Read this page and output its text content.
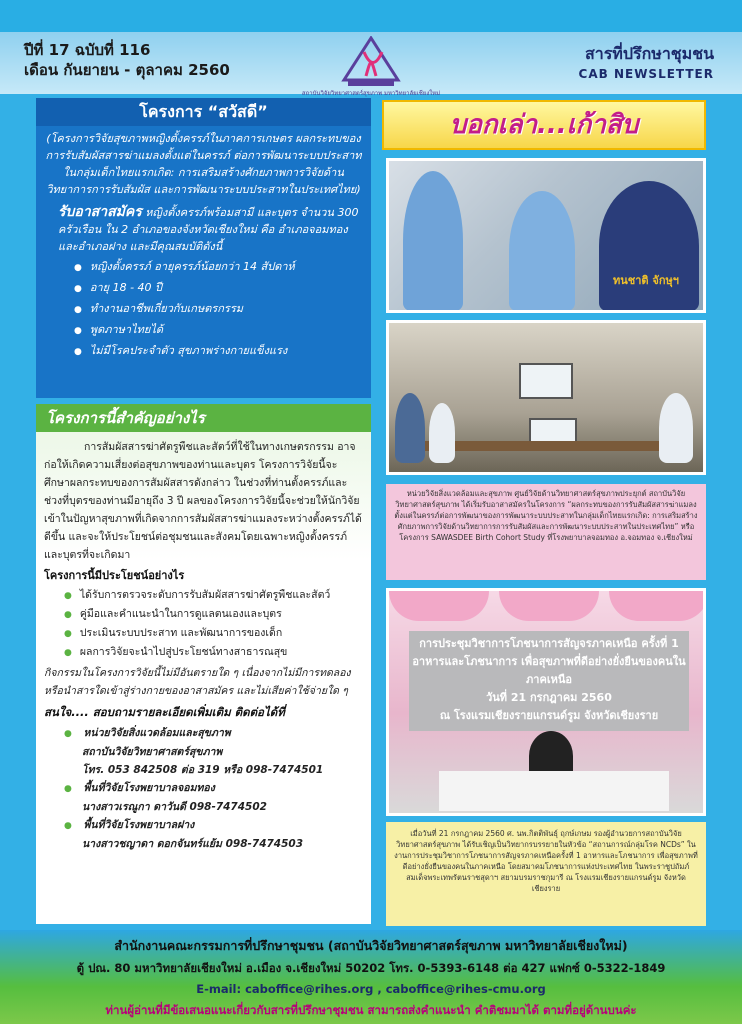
ปีที่ 17 ฉบับที่ 116
เดือน กันยายน - ตุลาคม 2560
สถาบันวิจัยวิทยาศาสตร์สุขภาพ มหาวิทยาลัยเชียงใหม่
สารที่ปรึกษาชุมชน
CAB NEWSLETTER
โครงการ “สวัสดี”
(โครงการวิจัยสุขภาพหญิงตั้งครรภ์ในภาคการเกษตร ผลกระทบของการรับสัมผัสสารฆ่าแมลงตั้งแต่ในครรภ์ ต่อการพัฒนาระบบประสาทในกลุ่มเด็กไทยแรกเกิด: การเสริมสร้างศักยภาพการวิจัยด้านวิทยาการการรับสัมผัส และการพัฒนาระบบประสาทในประเทศไทย)
รับอาสาสมัคร หญิงตั้งครรภ์พร้อมสามี และบุตร จำนวน 300 ครัวเรือน ใน 2 อำเภอของจังหวัดเชียงใหม่ คือ อำเภอจอมทอง และอำเภอฝาง และมีคุณสมบัติดังนี้
● หญิงตั้งครรภ์ อายุครรภ์น้อยกว่า 14 สัปดาห์
● อายุ 18 - 40 ปี
● ทำงานอาชีพเกี่ยวกับเกษตรกรรม
● พูดภาษาไทยได้
● ไม่มีโรคประจำตัว สุขภาพร่างกายแข็งแรง
โครงการนี้สำคัญอย่างไร
การสัมผัสสารฆ่าศัตรูพืชและสัตว์ที่ใช้ในทางเกษตรกรรม อาจก่อให้เกิดความเสี่ยงต่อสุขภาพของท่านและบุตร โครงการวิจัยนี้จะศึกษาผลกระทบของการสัมผัสสารดังกล่าว ในช่วงที่ท่านตั้งครรภ์และช่วงที่บุตรของท่านมีอายุถึง 3 ปี ผลของโครงการวิจัยนี้จะช่วยให้นักวิจัยเข้าในปัญหาสุขภาพที่เกิดจากการสัมผัสสารฆ่าแมลงระหว่างตั้งครรภ์ได้ดีขึ้น และจะให้ประโยชน์ต่อชุมชนและสังคมโดยเฉพาะหญิงตั้งครรภ์และบุตรที่จะเกิดมา
โครงการนี้มีประโยชน์อย่างไร
● ได้รับการตรวจระดับการรับสัมผัสสารฆ่าศัตรูพืชและสัตว์
● คู่มือและคำแนะนำในการดูแลตนเองและบุตร
● ประเมินระบบประสาท และพัฒนาการของเด็ก
● ผลการวิจัยจะนำไปสู่ประโยชน์ทางสาธารณสุข
กิจกรรมในโครงการวิจัยนี้ไม่มีอันตรายใด ๆ เนื่องจากไม่มีการทดลองหรือนำสารใดเข้าสู่ร่างกายของอาสาสมัคร และไม่เสียค่าใช้จ่ายใด ๆ
สนใจ.... สอบถามรายละเอียดเพิ่มเติม ติดต่อได้ที่
● หน่วยวิจัยสิ่งแวดล้อมและสุขภาพ
สถาบันวิจัยวิทยาศาสตร์สุขภาพ
โทร. 053 842508 ต่อ 319 หรือ 098-7474501
● พื้นที่วิจัยโรงพยาบาลจอมทอง
นางสาวเรณูกา ดาวันดี 098-7474502
● พื้นที่วิจัยโรงพยาบาลฝาง
นางสาวชญาดา ดอกจันทร์แย้ม 098-7474503
บอกเล่า...เก้าสิบ
ทนชาติ จักษุฯ
หน่วยวิจัยสิ่งแวดล้อมและสุขภาพ ศูนย์วิจัยด้านวิทยาศาสตร์สุขภาพประยุกต์ สถาบันวิจัยวิทยาศาสตร์สุขภาพ ได้เริ่มรับอาสาสมัครในโครงการ “ผลกระทบของการรับสัมผัสสารฆ่าแมลงตั้งแต่ในครรภ์ต่อการพัฒนาของการพัฒนาระบบประสาทในกลุ่มเด็กไทยแรกเกิด: การเสริมสร้างศักยภาพการวิจัยด้านวิทยาการการรับสัมผัสและการพัฒนาระบบประสาทในประเทศไทย” หรือโครงการ SAWASDEE Birth Cohort Study ที่โรงพยาบาลจอมทอง อ.จอมทอง จ.เชียงใหม่
การประชุมวิชาการโภชนาการสัญจรภาคเหนือ ครั้งที่ 1
อาหารและโภชนาการ เพื่อสุขภาพที่ดีอย่างยั่งยืนของคนในภาคเหนือ
วันที่ 21 กรกฎาคม 2560
ณ โรงแรมเชียงรายแกรนด์รูม จังหวัดเชียงราย
เมื่อวันที่ 21 กรกฎาคม 2560 ศ. นพ.กิตติพันธุ์ ฤกษ์เกษม รองผู้อำนวยการสถาบันวิจัยวิทยาศาสตร์สุขภาพ ได้รับเชิญเป็นวิทยากรบรรยายในหัวข้อ “สถานการณ์กลุ่มโรค NCDs” ในงานการประชุมวิชาการโภชนาการสัญจรภาคเหนือครั้งที่ 1 อาหารและโภชนาการ เพื่อสุขภาพที่ดีอย่างยั่งยืนของคนในภาคเหนือ โดยสมาคมโภชนาการแห่งประเทศไทย ในพระราชูปถัมภ์ สมเด็จพระเทพรัตนราชสุดาฯ สยามบรมราชกุมารี ณ โรงแรมเชียงรายแกรนด์รูม จังหวัดเชียงราย
สำนักงานคณะกรรมการที่ปรึกษาชุมชน (สถาบันวิจัยวิทยาศาสตร์สุขภาพ มหาวิทยาลัยเชียงใหม่)
ตู้ ปณ. 80 มหาวิทยาลัยเชียงใหม่ อ.เมือง จ.เชียงใหม่ 50202 โทร. 0-5393-6148 ต่อ 427 แฟกซ์ 0-5322-1849
E-mail: caboffice@rihes.org , caboffice@rihes-cmu.org
ท่านผู้อ่านที่มีข้อเสนอแนะเกี่ยวกับสารที่ปรึกษาชุมชน สามารถส่งคำแนะนำ คำติชมมาได้ ตามที่อยู่ด้านบนค่ะ
